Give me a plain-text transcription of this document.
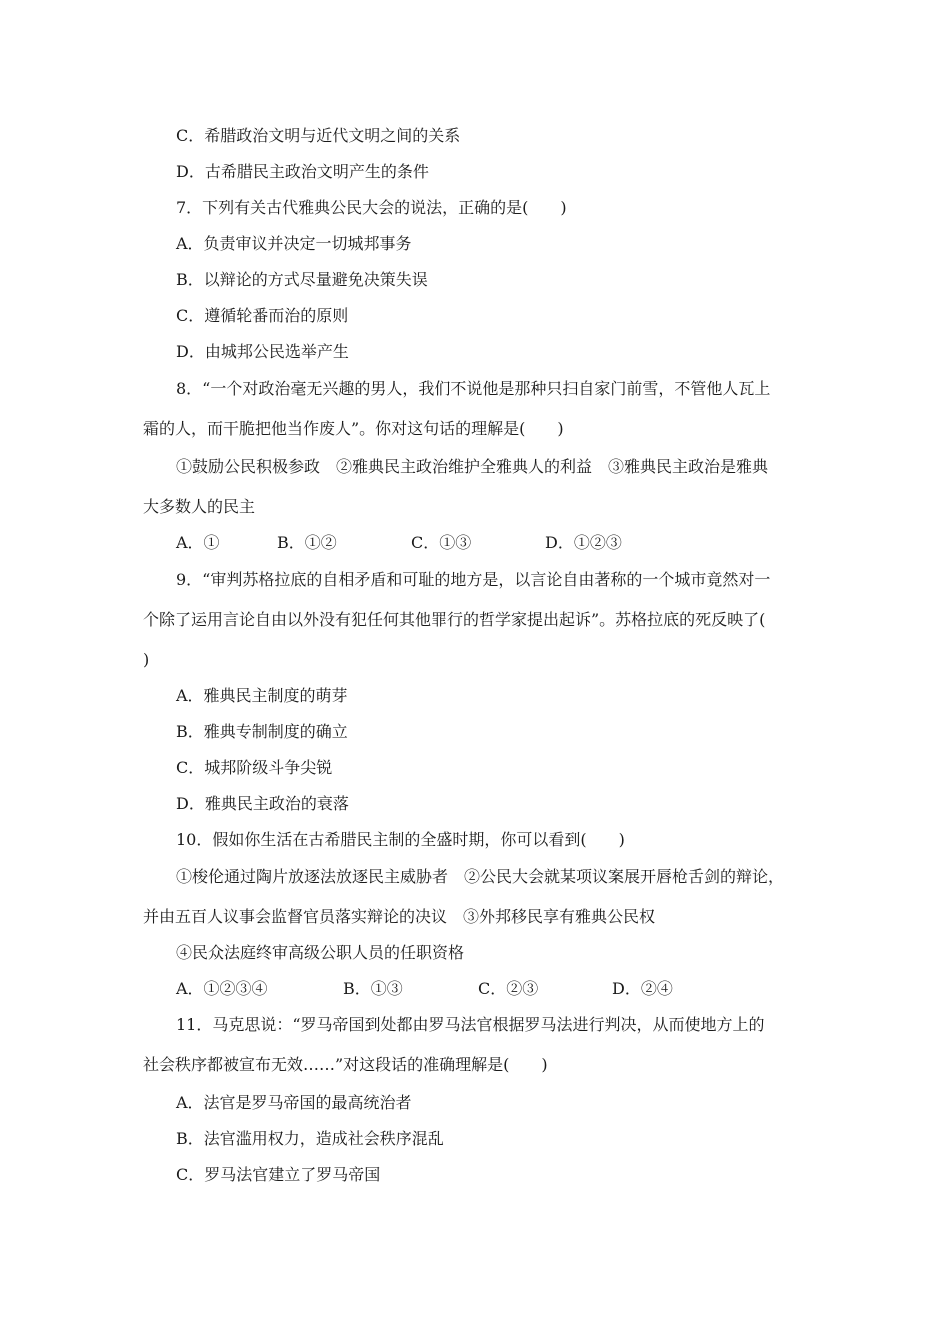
C．希腊政治文明与近代文明之间的关系
D．古希腊民主政治文明产生的条件
7．下列有关古代雅典公民大会的说法，正确的是(　　)
A．负责审议并决定一切城邦事务
B．以辩论的方式尽量避免决策失误
C．遵循轮番而治的原则
D．由城邦公民选举产生
8．“一个对政治毫无兴趣的男人，我们不说他是那种只扫自家门前雪，不管他人瓦上
霜的人，而干脆把他当作废人”。你对这句话的理解是(　　)
①鼓励公民积极参政　②雅典民主政治维护全雅典人的利益　③雅典民主政治是雅典
大多数人的民主
A．①	B．①②	C．①③	D．①②③
9．“审判苏格拉底的自相矛盾和可耻的地方是，以言论自由著称的一个城市竟然对一
个除了运用言论自由以外没有犯任何其他罪行的哲学家提出起诉”。苏格拉底的死反映了(
)
A．雅典民主制度的萌芽
B．雅典专制制度的确立
C．城邦阶级斗争尖锐
D．雅典民主政治的衰落
10．假如你生活在古希腊民主制的全盛时期，你可以看到(　　)
①梭伦通过陶片放逐法放逐民主威胁者　②公民大会就某项议案展开唇枪舌剑的辩论，
并由五百人议事会监督官员落实辩论的决议　③外邦移民享有雅典公民权
④民众法庭终审高级公职人员的任职资格
A．①②③④	B．①③	C．②③	D．②④
11．马克思说：“罗马帝国到处都由罗马法官根据罗马法进行判决，从而使地方上的
社会秩序都被宣布无效……”对这段话的准确理解是(　　)
A．法官是罗马帝国的最高统治者
B．法官滥用权力，造成社会秩序混乱
C．罗马法官建立了罗马帝国
